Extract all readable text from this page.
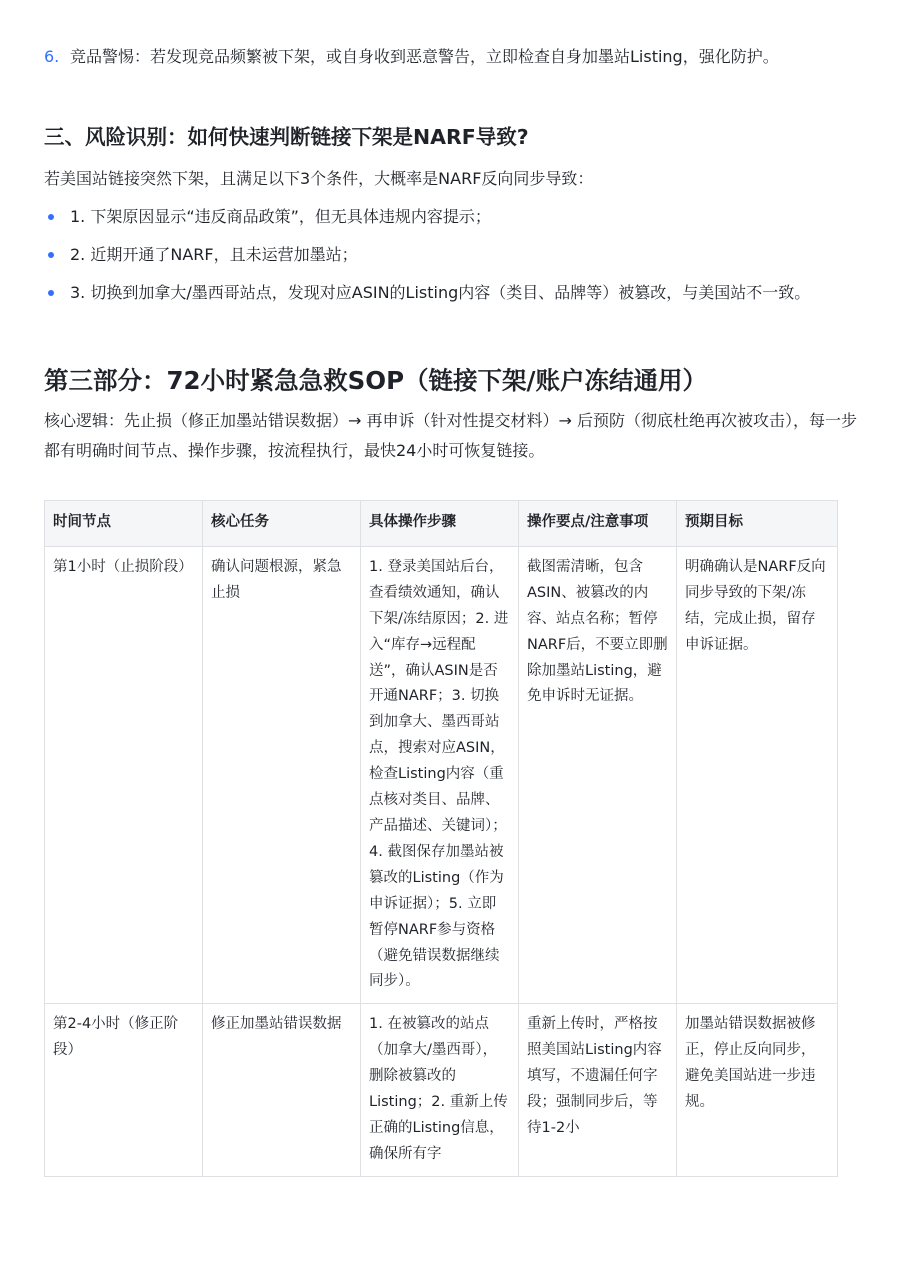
6. 竞品警惕：若发现竞品频繁被下架，或自身收到恶意警告，立即检查自身加墨站Listing，强化防护。
三、风险识别：如何快速判断链接下架是NARF导致?
若美国站链接突然下架，且满足以下3个条件，大概率是NARF反向同步导致：
1. 下架原因显示“违反商品政策”，但无具体违规内容提示；
2. 近期开通了NARF，且未运营加墨站；
3. 切换到加拿大/墨西哥站点，发现对应ASIN的Listing内容（类目、品牌等）被篡改，与美国站不一致。
第三部分：72小时紧急急救SOP（链接下架/账户冻结通用）
核心逻辑：先止损（修正加墨站错误数据）→ 再申诉（针对性提交材料）→ 后预防（彻底杜绝再次被攻击），每一步都有明确时间节点、操作步骤，按流程执行，最快24小时可恢复链接。
时间节点	核心任务	具体操作步骤	操作要点/注意事项	预期目标
第1小时（止损阶段）	确认问题根源，紧急止损	1. 登录美国站后台，查看绩效通知，确认下架/冻结原因；2. 进入“库存→远程配送”，确认ASIN是否开通NARF；3. 切换到加拿大、墨西哥站点，搜索对应ASIN，检查Listing内容（重点核对类目、品牌、产品描述、关键词）；4. 截图保存加墨站被篡改的Listing（作为申诉证据）；5. 立即暂停NARF参与资格（避免错误数据继续同步）。	截图需清晰，包含ASIN、被篡改的内容、站点名称；暂停NARF后，不要立即删除加墨站Listing，避免申诉时无证据。	明确确认是NARF反向同步导致的下架/冻结，完成止损，留存申诉证据。
第2-4小时（修正阶段）	修正加墨站错误数据	1. 在被篡改的站点（加拿大/墨西哥），删除被篡改的Listing；2. 重新上传正确的Listing信息，确保所有字	重新上传时，严格按照美国站Listing内容填写，不遗漏任何字段；强制同步后，等待1-2小	加墨站错误数据被修正，停止反向同步，避免美国站进一步违规。
